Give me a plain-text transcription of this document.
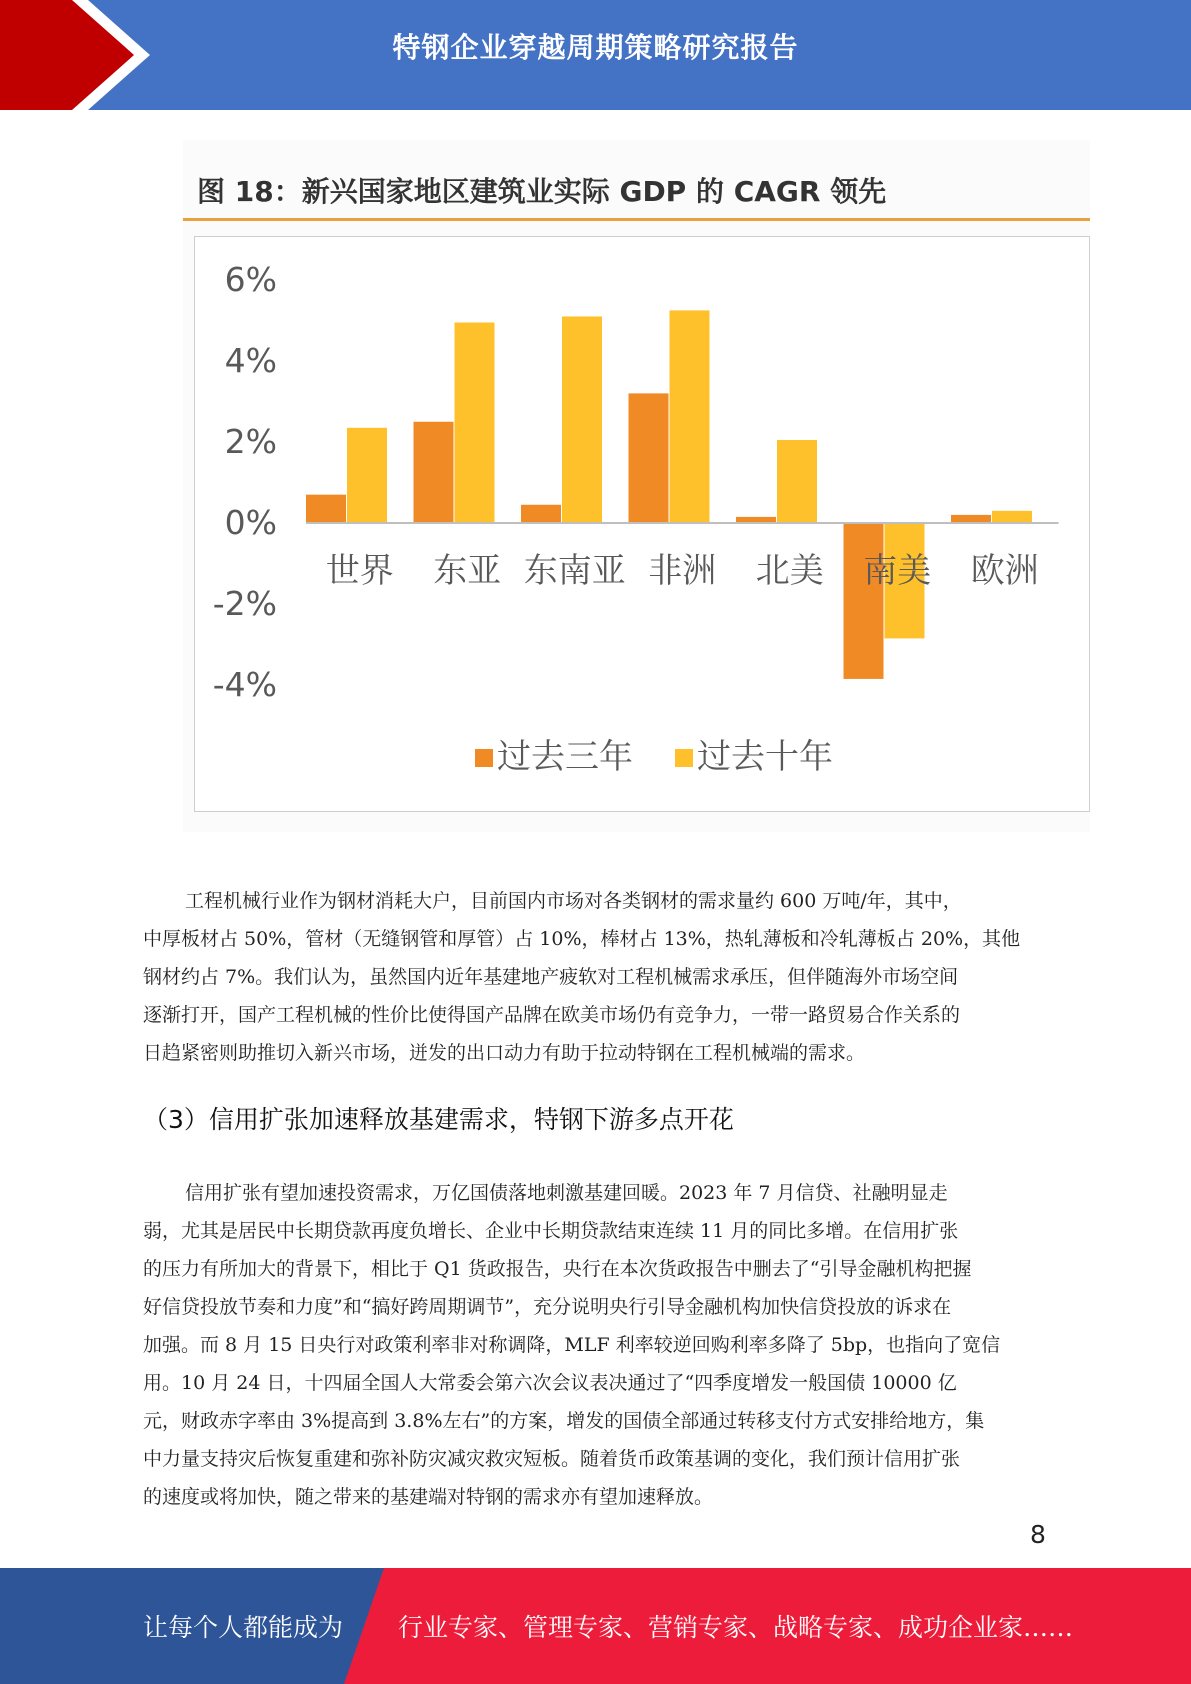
特钢企业穿越周期策略研究报告
图 18：新兴国家地区建筑业实际 GDP 的 CAGR 领先
6%
4%
2%
0%
-2%
-4%
世界 东亚 东南亚 非洲 北美 南美 欧洲
过去三年 过去十年
工程机械行业作为钢材消耗大户，目前国内市场对各类钢材的需求量约 600 万吨/年，其中，
中厚板材占 50%，管材（无缝钢管和厚管）占 10%，棒材占 13%，热轧薄板和冷轧薄板占 20%，其他
钢材约占 7%。我们认为，虽然国内近年基建地产疲软对工程机械需求承压，但伴随海外市场空间
逐渐打开，国产工程机械的性价比使得国产品牌在欧美市场仍有竞争力，一带一路贸易合作关系的
日趋紧密则助推切入新兴市场，迸发的出口动力有助于拉动特钢在工程机械端的需求。
（3）信用扩张加速释放基建需求，特钢下游多点开花
信用扩张有望加速投资需求，万亿国债落地刺激基建回暖。2023 年 7 月信贷、社融明显走
弱，尤其是居民中长期贷款再度负增长、企业中长期贷款结束连续 11 月的同比多增。在信用扩张
的压力有所加大的背景下，相比于 Q1 货政报告，央行在本次货政报告中删去了“引导金融机构把握
好信贷投放节奏和力度”和“搞好跨周期调节”，充分说明央行引导金融机构加快信贷投放的诉求在
加强。而 8 月 15 日央行对政策利率非对称调降，MLF 利率较逆回购利率多降了 5bp，也指向了宽信
用。10 月 24 日，十四届全国人大常委会第六次会议表决通过了“四季度增发一般国债 10000 亿
元，财政赤字率由 3%提高到 3.8%左右”的方案，增发的国债全部通过转移支付方式安排给地方，集
中力量支持灾后恢复重建和弥补防灾减灾救灾短板。随着货币政策基调的变化，我们预计信用扩张
的速度或将加快，随之带来的基建端对特钢的需求亦有望加速释放。
8
让每个人都能成为 行业专家、管理专家、营销专家、战略专家、成功企业家……
